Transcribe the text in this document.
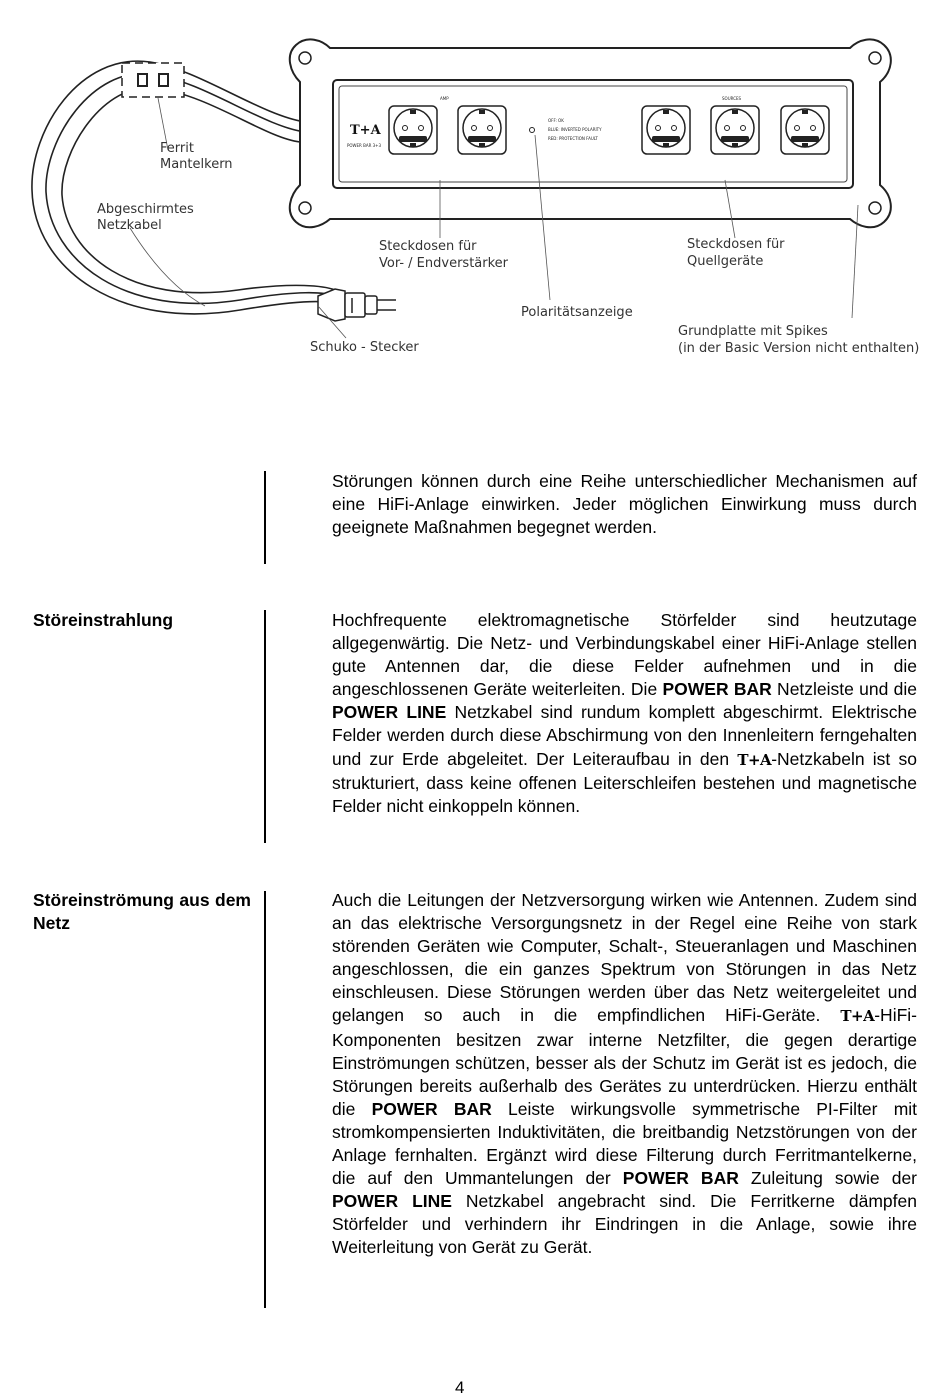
T+A
POWER BAR 3+3
AMP	SOURCES
OFF: OK
BLUE: INVERTED POLARITY
RED: PROTECTION FAULT
Ferrit
Mantelkern
Abgeschirmtes
Netzkabel
Steckdosen für
Vor- / Endverstärker
Steckdosen für
Quellgeräte
Polaritätsanzeige
Grundplatte mit Spikes
(in der Basic Version nicht enthalten)
Schuko - Stecker
Störungen können durch eine Reihe unterschiedlicher Mechanismen auf eine HiFi-Anlage einwirken. Jeder möglichen Einwirkung muss durch geeignete Maßnahmen begegnet werden.
Störeinstrahlung	Hochfrequente elektromagnetische Störfelder sind heutzutage allgegenwärtig. Die Netz- und Verbindungskabel einer HiFi-Anlage stellen gute Antennen dar, die diese Felder aufnehmen und in die angeschlossenen Geräte weiterleiten. Die POWER BAR Netzleiste und die POWER LINE Netzkabel sind rundum komplett abgeschirmt. Elektrische Felder werden durch diese Abschirmung von den Innenleitern ferngehalten und zur Erde abgeleitet. Der Leiteraufbau in den T+A-Netzkabeln ist so strukturiert, dass keine offenen Leiterschleifen bestehen und magnetische Felder nicht einkoppeln können.
Störeinströmung aus dem Netz
Auch die Leitungen der Netzversorgung wirken wie Antennen. Zudem sind an das elektrische Versorgungsnetz in der Regel eine Reihe von stark störenden Geräten wie Computer, Schalt-, Steueranlagen und Maschinen angeschlossen, die ein ganzes Spektrum von Störungen in das Netz einschleusen. Diese Störungen werden über das Netz weitergeleitet und gelangen so auch in die empfindlichen HiFi-Geräte. T+A-HiFi-Komponenten besitzen zwar interne Netzfilter, die gegen derartige Einströmungen schützen, besser als der Schutz im Gerät ist es jedoch, die Störungen bereits außerhalb des Gerätes zu unterdrücken. Hierzu enthält die POWER BAR Leiste wirkungsvolle symmetrische PI-Filter mit stromkompensierten Induktivitäten, die breitbandig Netzstörungen von der Anlage fernhalten. Ergänzt wird diese Filterung durch Ferritmantelkerne, die auf den Ummantelungen der POWER BAR Zuleitung sowie der POWER LINE Netzkabel angebracht sind. Die Ferritkerne dämpfen Störfelder und verhindern ihr Eindringen in die Anlage, sowie ihre Weiterleitung von Gerät zu Gerät.
4
